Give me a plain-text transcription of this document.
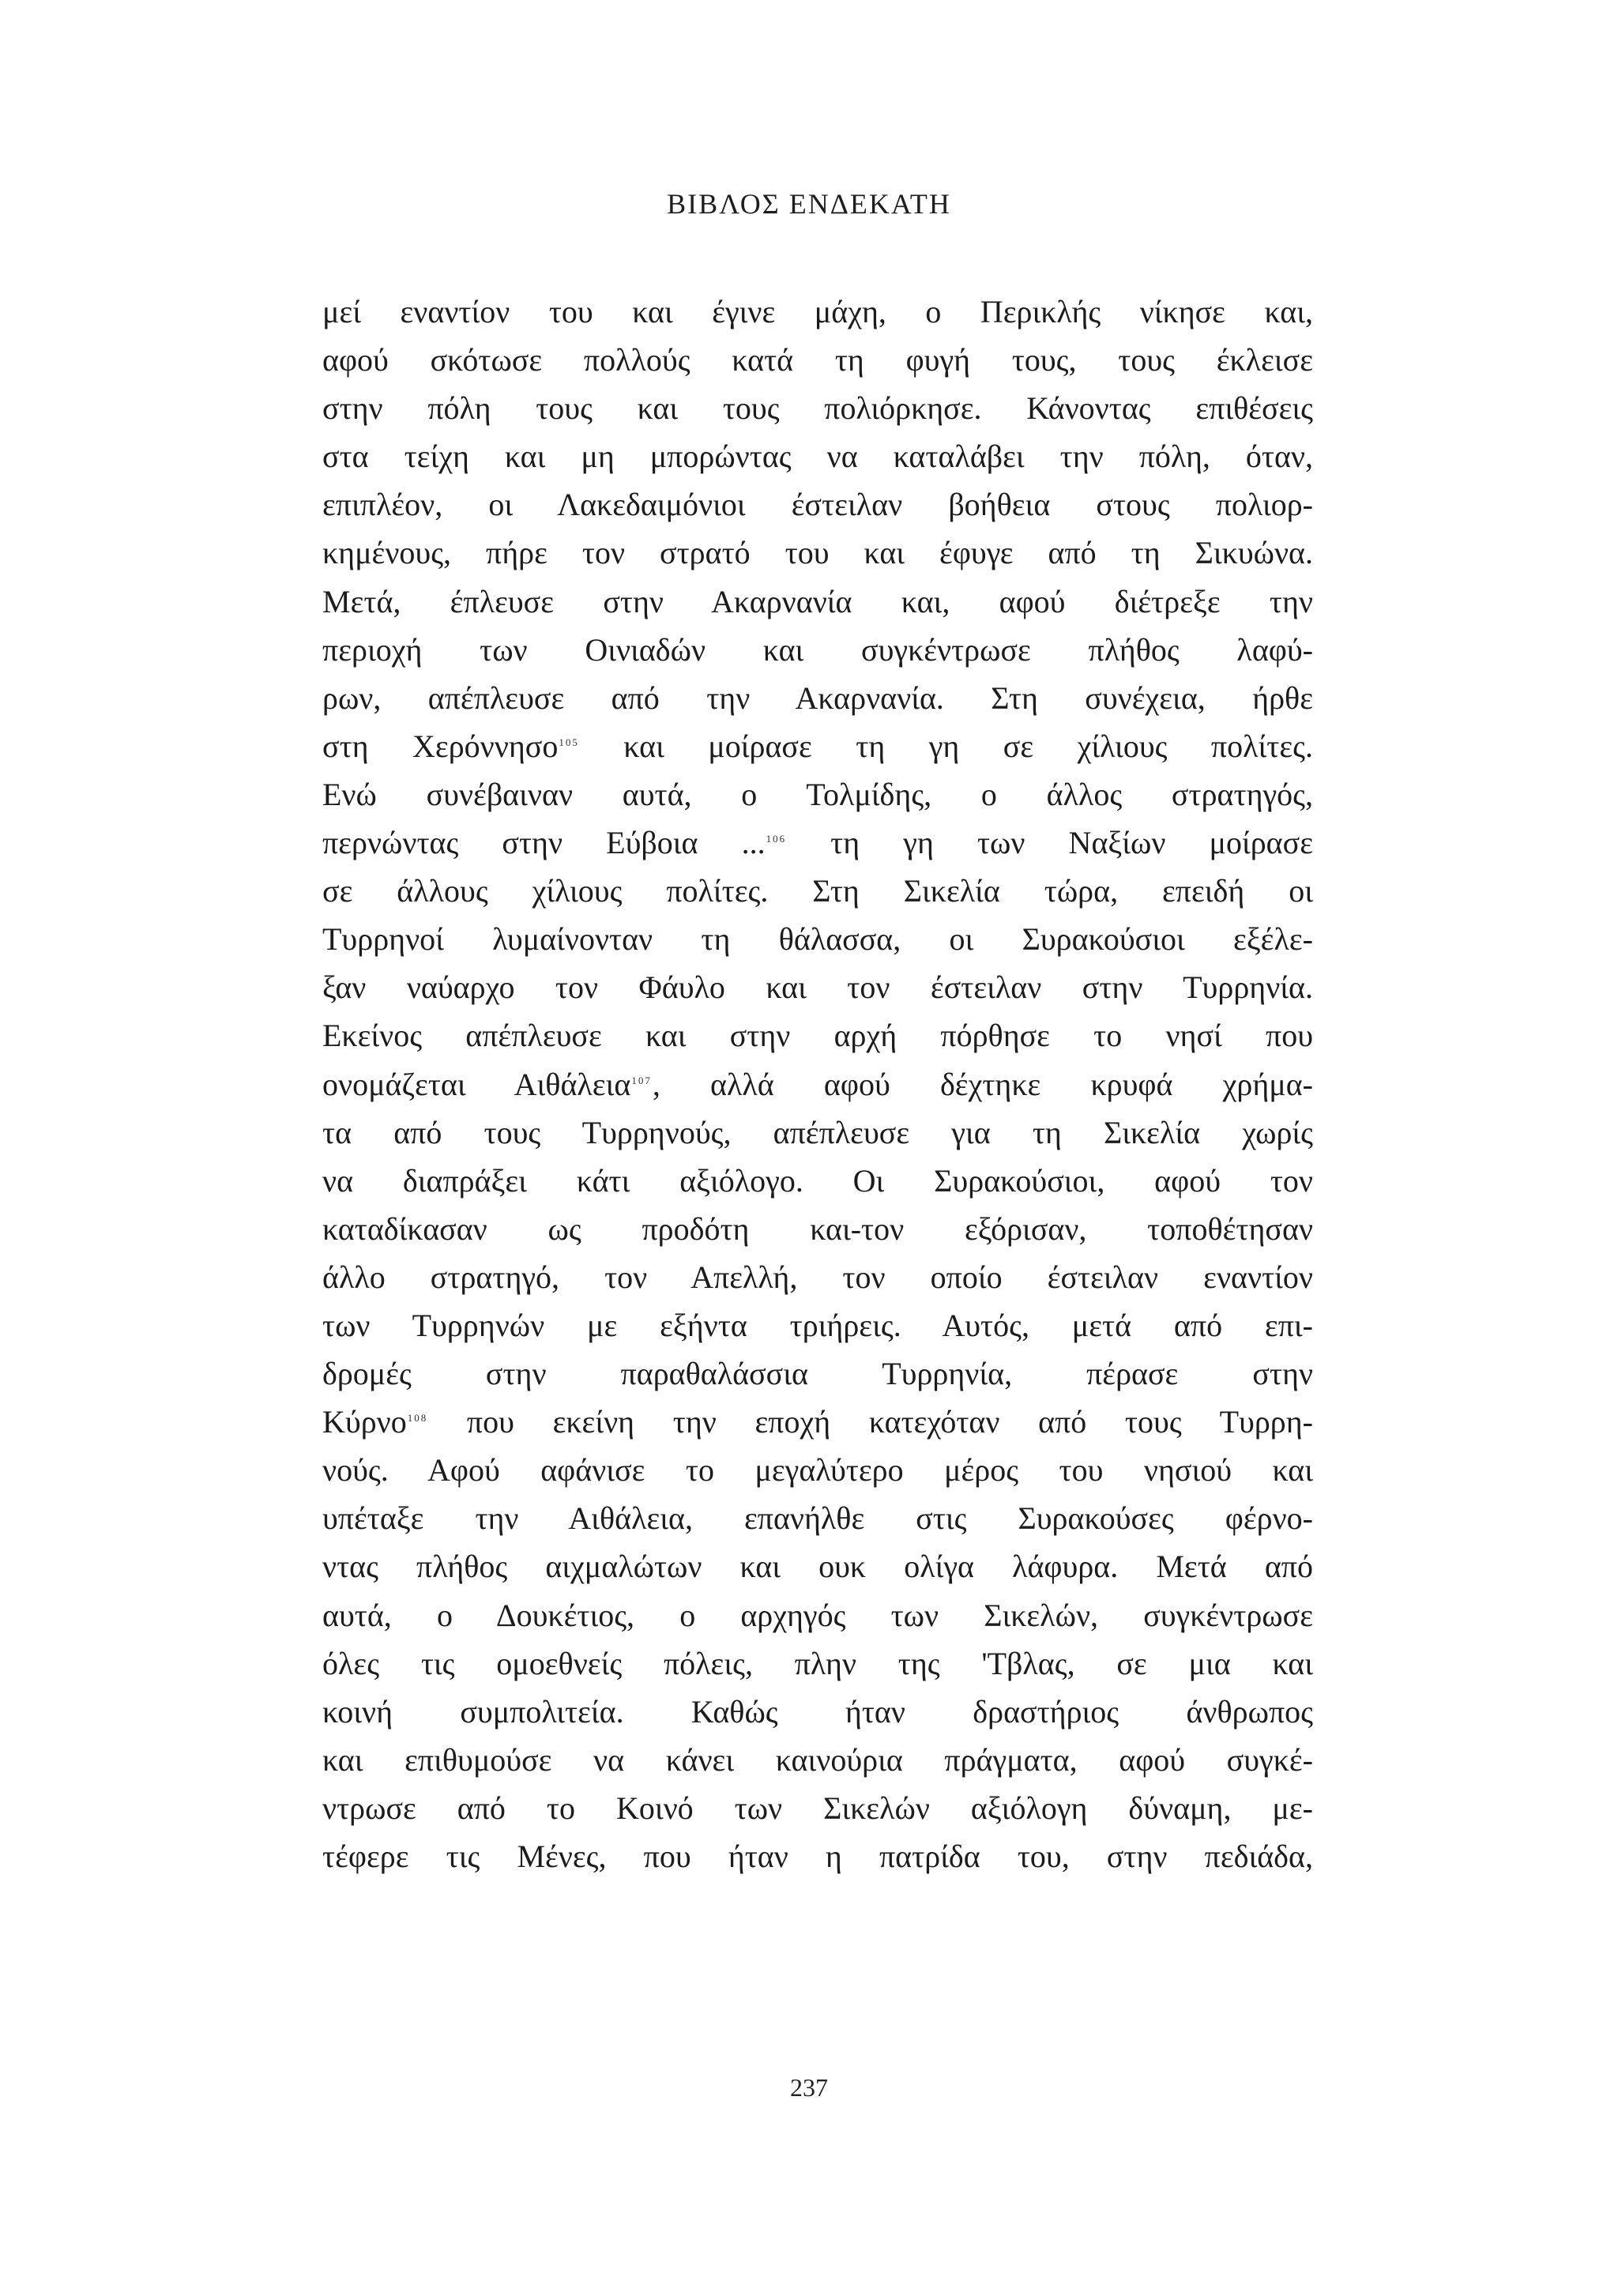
ΒΙΒΛΟΣ ΕΝΔΕΚΑΤΗ
μεί εναντίον του και έγινε μάχη, ο Περικλής νίκησε και,
αφού σκότωσε πολλούς κατά τη φυγή τους, τους έκλεισε
στην πόλη τους και τους πολιόρκησε. Κάνοντας επιθέσεις
στα τείχη και μη μπορώντας να καταλάβει την πόλη, όταν,
επιπλέον, οι Λακεδαιμόνιοι έστειλαν βοήθεια στους πολιορ-
κημένους, πήρε τον στρατό του και έφυγε από τη Σικυώνα.
Μετά, έπλευσε στην Ακαρνανία και, αφού διέτρεξε την
περιοχή των Οινιαδών και συγκέντρωσε πλήθος λαφύ-
ρων, απέπλευσε από την Ακαρνανία. Στη συνέχεια, ήρθε
στη Χερόννησο$^{105}$ και μοίρασε τη γη σε χίλιους πολίτες.
Ενώ συνέβαιναν αυτά, ο Τολμίδης, ο άλλος στρατηγός,
περνώντας στην Εύβοια ...$^{106}$ τη γη των Ναξίων μοίρασε
σε άλλους χίλιους πολίτες. Στη Σικελία τώρα, επειδή οι
Τυρρηνοί λυμαίνονταν τη θάλασσα, οι Συρακούσιοι εξέλε-
ξαν ναύαρχο τον Φάυλο και τον έστειλαν στην Τυρρηνία.
Εκείνος απέπλευσε και στην αρχή πόρθησε το νησί που
ονομάζεται Αιθάλεια$^{107}$, αλλά αφού δέχτηκε κρυφά χρήμα-
τα από τους Τυρρηνούς, απέπλευσε για τη Σικελία χωρίς
να διαπράξει κάτι αξιόλογο. Οι Συρακούσιοι, αφού τον
καταδίκασαν ως προδότη και-τον εξόρισαν, τοποθέτησαν
άλλο στρατηγό, τον Απελλή, τον οποίο έστειλαν εναντίον
των Τυρρηνών με εξήντα τριήρεις. Αυτός, μετά από επι-
δρομές στην παραθαλάσσια Τυρρηνία, πέρασε στην
Κύρνο$^{108}$ που εκείνη την εποχή κατεχόταν από τους Τυρρη-
νούς. Αφού αφάνισε το μεγαλύτερο μέρος του νησιού και
υπέταξε την Αιθάλεια, επανήλθε στις Συρακούσες φέρνο-
ντας πλήθος αιχμαλώτων και ουκ ολίγα λάφυρα. Μετά από
αυτά, ο Δουκέτιος, ο αρχηγός των Σικελών, συγκέντρωσε
όλες τις ομοεθνείς πόλεις, πλην της 'Τβλας, σε μια και
κοινή συμπολιτεία. Καθώς ήταν δραστήριος άνθρωπος
και επιθυμούσε να κάνει καινούρια πράγματα, αφού συγκέ-
ντρωσε από το Κοινό των Σικελών αξιόλογη δύναμη, με-
τέφερε τις Μένες, που ήταν η πατρίδα του, στην πεδιάδα,
237
